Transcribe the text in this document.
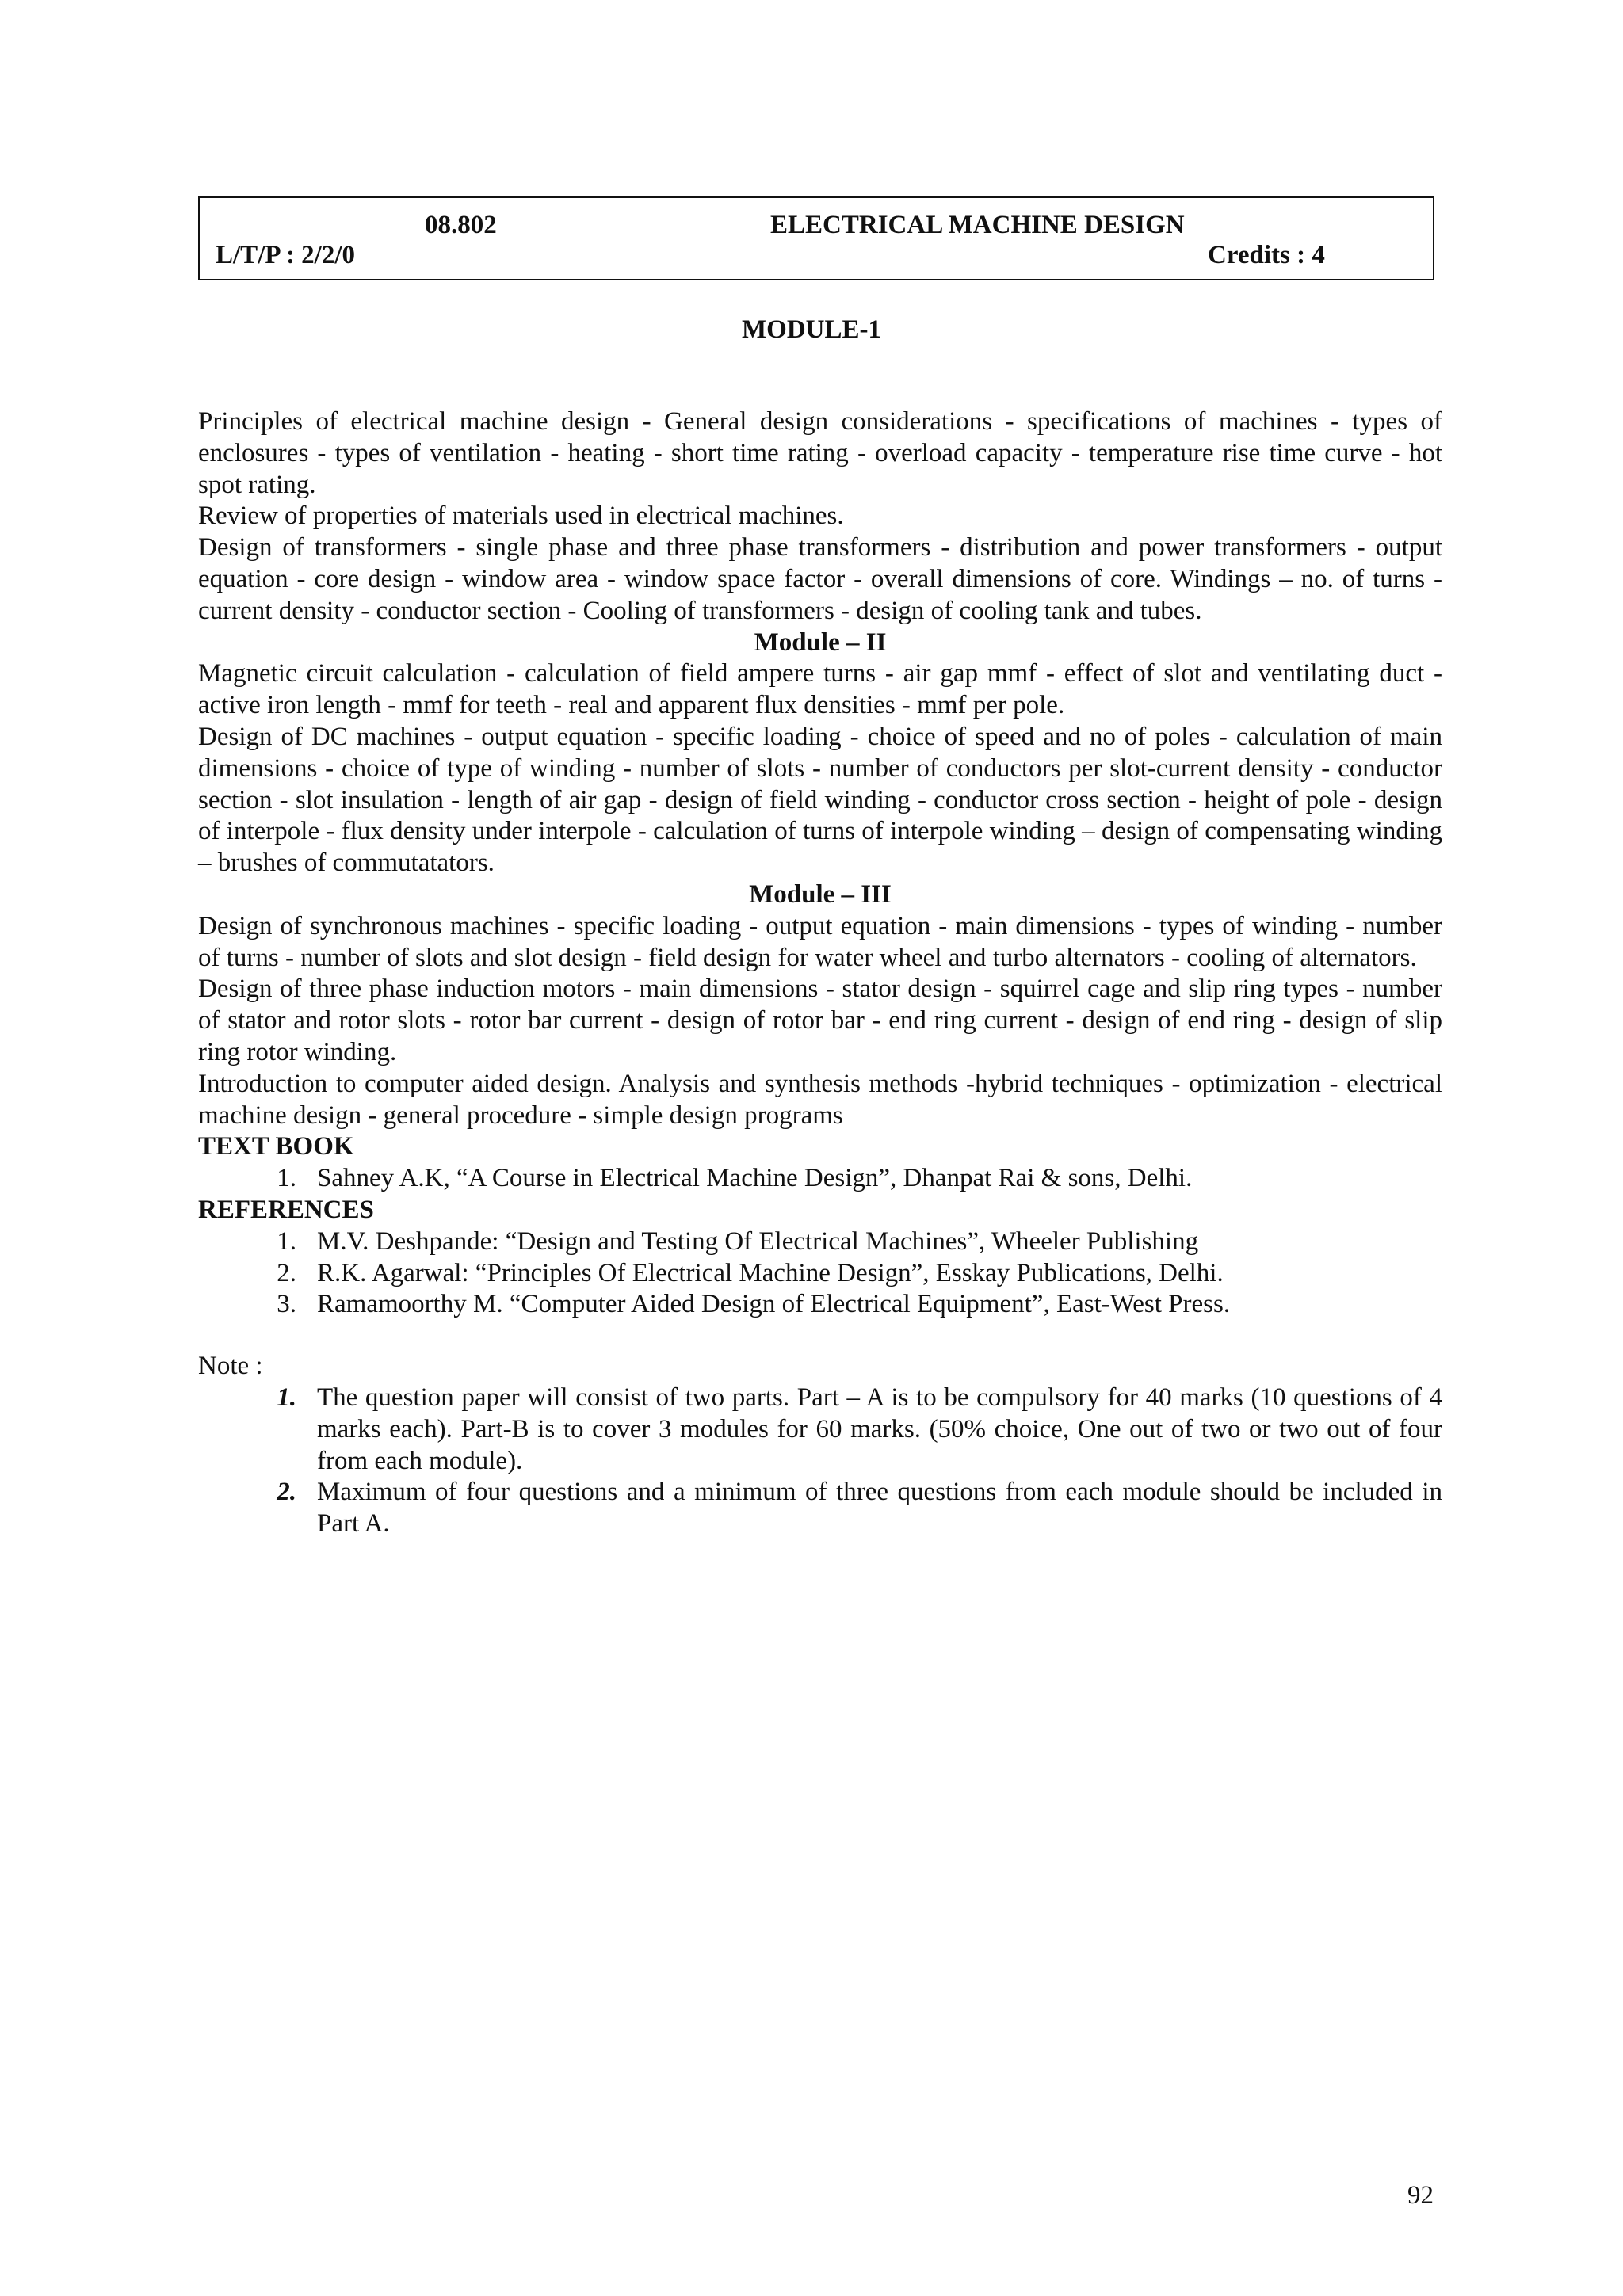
08.802	ELECTRICAL MACHINE DESIGN
L/T/P : 2/2/0	Credits : 4
MODULE-1

Principles of electrical machine design - General design considerations - specifications of machines - types of enclosures - types of ventilation - heating - short time rating - overload capacity - temperature rise time curve - hot spot rating.

Review of properties of materials used in electrical machines.

Design of transformers - single phase and three phase transformers - distribution and power transformers - output equation - core design - window area - window space factor - overall dimensions of core. Windings – no. of turns - current density - conductor section - Cooling of transformers - design of cooling tank and tubes.

Module – II

Magnetic circuit calculation - calculation of field ampere turns - air gap mmf - effect of slot and ventilating duct - active iron length - mmf for teeth - real and apparent flux densities - mmf per pole.

Design of DC machines - output equation - specific loading - choice of speed and no of poles - calculation of main dimensions - choice of type of winding - number of slots - number of conductors per slot-current density - conductor section - slot insulation - length of air gap - design of field winding - conductor cross section - height of pole - design of interpole - flux density under interpole - calculation of turns of interpole winding – design of compensating winding – brushes of commutatators.

Module – III

Design of synchronous machines - specific loading - output equation - main dimensions - types of winding - number of turns - number of slots and slot design - field design for water wheel and turbo alternators - cooling of alternators.

Design of three phase induction motors - main dimensions - stator design - squirrel cage and slip ring types - number of stator and rotor slots - rotor bar current - design of rotor bar - end ring current - design of end ring - design of slip ring rotor winding.

Introduction to computer aided design. Analysis and synthesis methods -hybrid techniques - optimization - electrical machine design - general procedure - simple design programs

TEXT BOOK
1. Sahney A.K, “A Course in Electrical Machine Design”, Dhanpat Rai & sons, Delhi.
REFERENCES
1. M.V. Deshpande: “Design and Testing Of Electrical Machines”, Wheeler Publishing
2. R.K. Agarwal: “Principles Of Electrical Machine Design”, Esskay Publications, Delhi.
3. Ramamoorthy M. “Computer Aided Design of Electrical Equipment”, East-West Press.
Note :
1. The question paper will consist of two parts. Part – A is to be compulsory for 40 marks (10 questions of 4 marks each). Part-B is to cover 3 modules for 60 marks. (50% choice, One out of two or two out of four from each module).
2. Maximum of four questions and a minimum of three questions from each module should be included in Part A.
92
